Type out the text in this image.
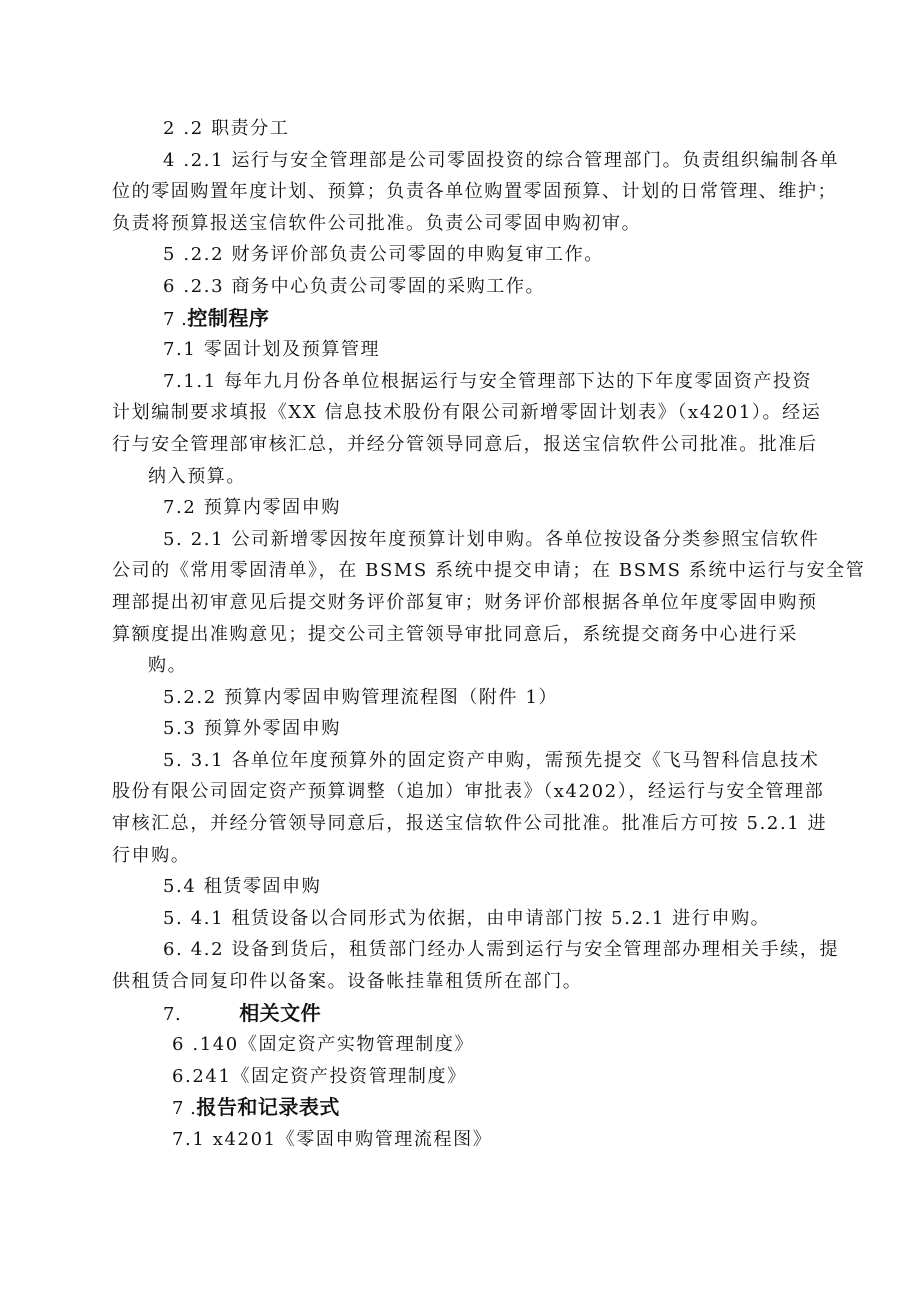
2 .2 职责分工
4 .2.1 运行与安全管理部是公司零固投资的综合管理部门。负责组织编制各单
位的零固购置年度计划、预算；负责各单位购置零固预算、计划的日常管理、维护；
负责将预算报送宝信软件公司批准。负责公司零固申购初审。
5 .2.2 财务评价部负责公司零固的申购复审工作。
6 .2.3 商务中心负责公司零固的采购工作。
7 .控制程序
7.1 零固计划及预算管理
7.1.1 每年九月份各单位根据运行与安全管理部下达的下年度零固资产投资
计划编制要求填报《XX 信息技术股份有限公司新增零固计划表》（x4201）。经运
行与安全管理部审核汇总，并经分管领导同意后，报送宝信软件公司批准。批准后
纳入预算。
7.2 预算内零固申购
5. 2.1 公司新增零因按年度预算计划申购。各单位按设备分类参照宝信软件
公司的《常用零固清单》，在 BSMS 系统中提交申请；在 BSMS 系统中运行与安全管
理部提出初审意见后提交财务评价部复审；财务评价部根据各单位年度零固申购预
算额度提出准购意见；提交公司主管领导审批同意后，系统提交商务中心进行采
购。
5.2.2 预算内零固申购管理流程图（附件 1）
5.3 预算外零固申购
5. 3.1 各单位年度预算外的固定资产申购，需预先提交《飞马智科信息技术
股份有限公司固定资产预算调整（追加）审批表》（x4202），经运行与安全管理部
审核汇总，并经分管领导同意后，报送宝信软件公司批准。批准后方可按 5.2.1 进
行申购。
5.4 租赁零固申购
5. 4.1 租赁设备以合同形式为依据，由申请部门按 5.2.1 进行申购。
6. 4.2 设备到货后，租赁部门经办人需到运行与安全管理部办理相关手续，提
供租赁合同复印件以备案。设备帐挂靠租赁所在部门。
7.	相关文件
6 .140《固定资产实物管理制度》
6.241《固定资产投资管理制度》
7 .报告和记录表式
7.1 x4201《零固申购管理流程图》
